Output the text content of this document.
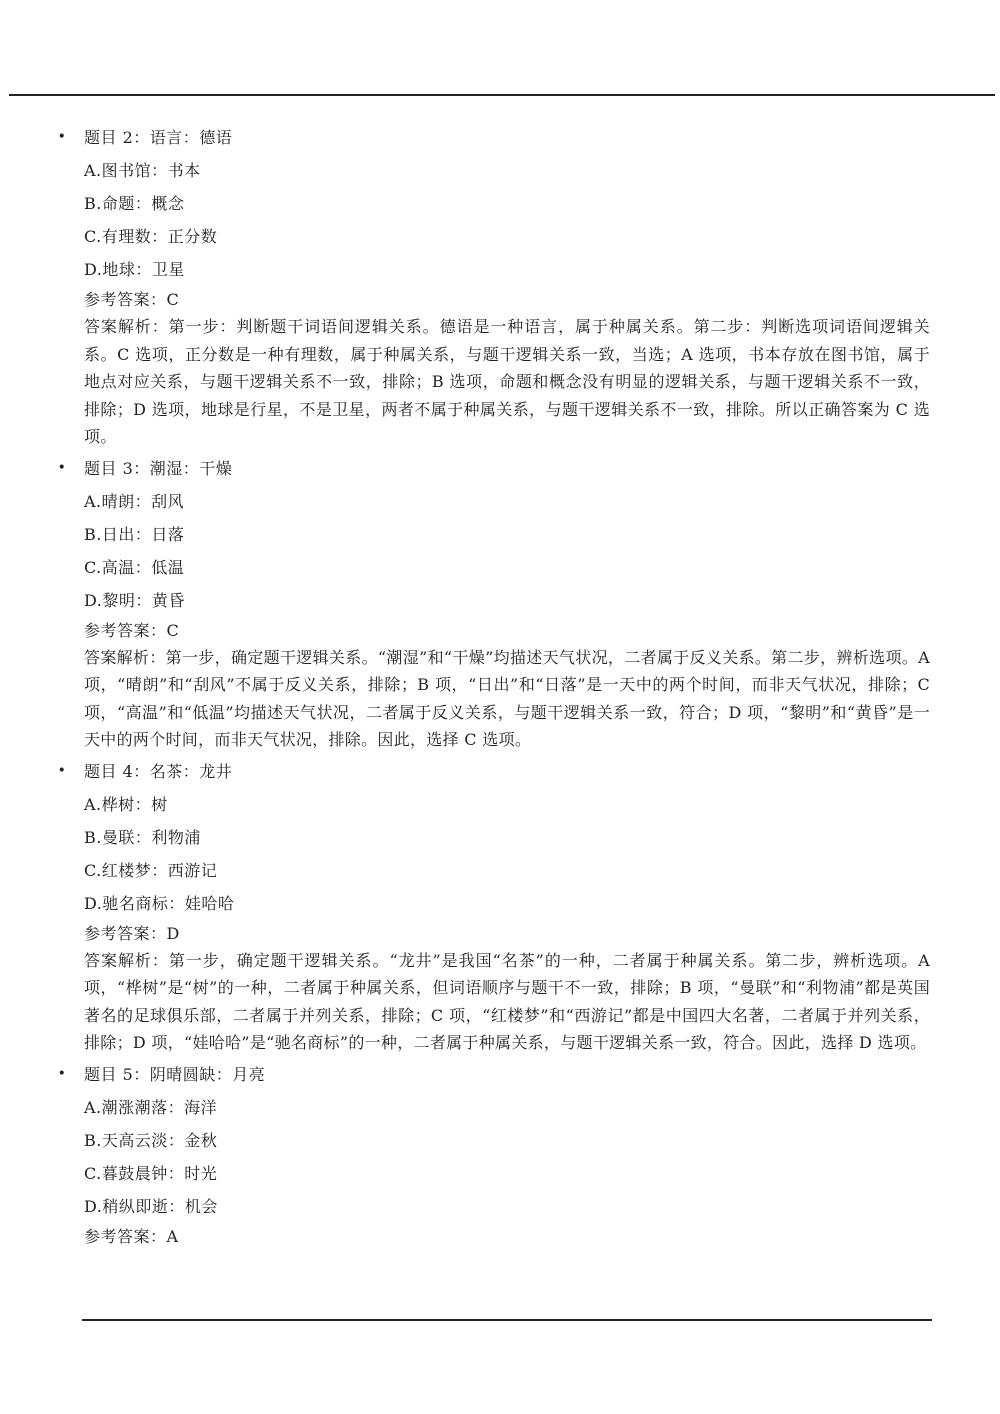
• 题目 2：语言：德语
A.图书馆：书本
B.命题：概念
C.有理数：正分数
D.地球：卫星
参考答案：C
答案解析：第一步：判断题干词语间逻辑关系。德语是一种语言，属于种属关系。第二步：判断选项词语间逻辑关系。C 选项，正分数是一种有理数，属于种属关系，与题干逻辑关系一致，当选；A 选项，书本存放在图书馆，属于地点对应关系，与题干逻辑关系不一致，排除；B 选项，命题和概念没有明显的逻辑关系，与题干逻辑关系不一致，排除；D 选项，地球是行星，不是卫星，两者不属于种属关系，与题干逻辑关系不一致，排除。所以正确答案为 C 选项。
• 题目 3：潮湿：干燥
A.晴朗：刮风
B.日出：日落
C.高温：低温
D.黎明：黄昏
参考答案：C
答案解析：第一步，确定题干逻辑关系。“潮湿”和“干燥”均描述天气状况，二者属于反义关系。第二步，辨析选项。A 项，“晴朗”和“刮风”不属于反义关系，排除；B 项，“日出”和“日落”是一天中的两个时间，而非天气状况，排除；C 项，“高温”和“低温”均描述天气状况，二者属于反义关系，与题干逻辑关系一致，符合；D 项，“黎明”和“黄昏”是一天中的两个时间，而非天气状况，排除。因此，选择 C 选项。
• 题目 4：名茶：龙井
A.桦树：树
B.曼联：利物浦
C.红楼梦：西游记
D.驰名商标：娃哈哈
参考答案：D
答案解析：第一步，确定题干逻辑关系。“龙井”是我国“名茶”的一种，二者属于种属关系。第二步，辨析选项。A 项，“桦树”是“树”的一种，二者属于种属关系，但词语顺序与题干不一致，排除；B 项，“曼联”和“利物浦”都是英国著名的足球俱乐部，二者属于并列关系，排除；C 项，“红楼梦”和“西游记”都是中国四大名著，二者属于并列关系，排除；D 项，“娃哈哈”是“驰名商标”的一种，二者属于种属关系，与题干逻辑关系一致，符合。因此，选择 D 选项。
• 题目 5：阴晴圆缺：月亮
A.潮涨潮落：海洋
B.天高云淡：金秋
C.暮鼓晨钟：时光
D.稍纵即逝：机会
参考答案：A
